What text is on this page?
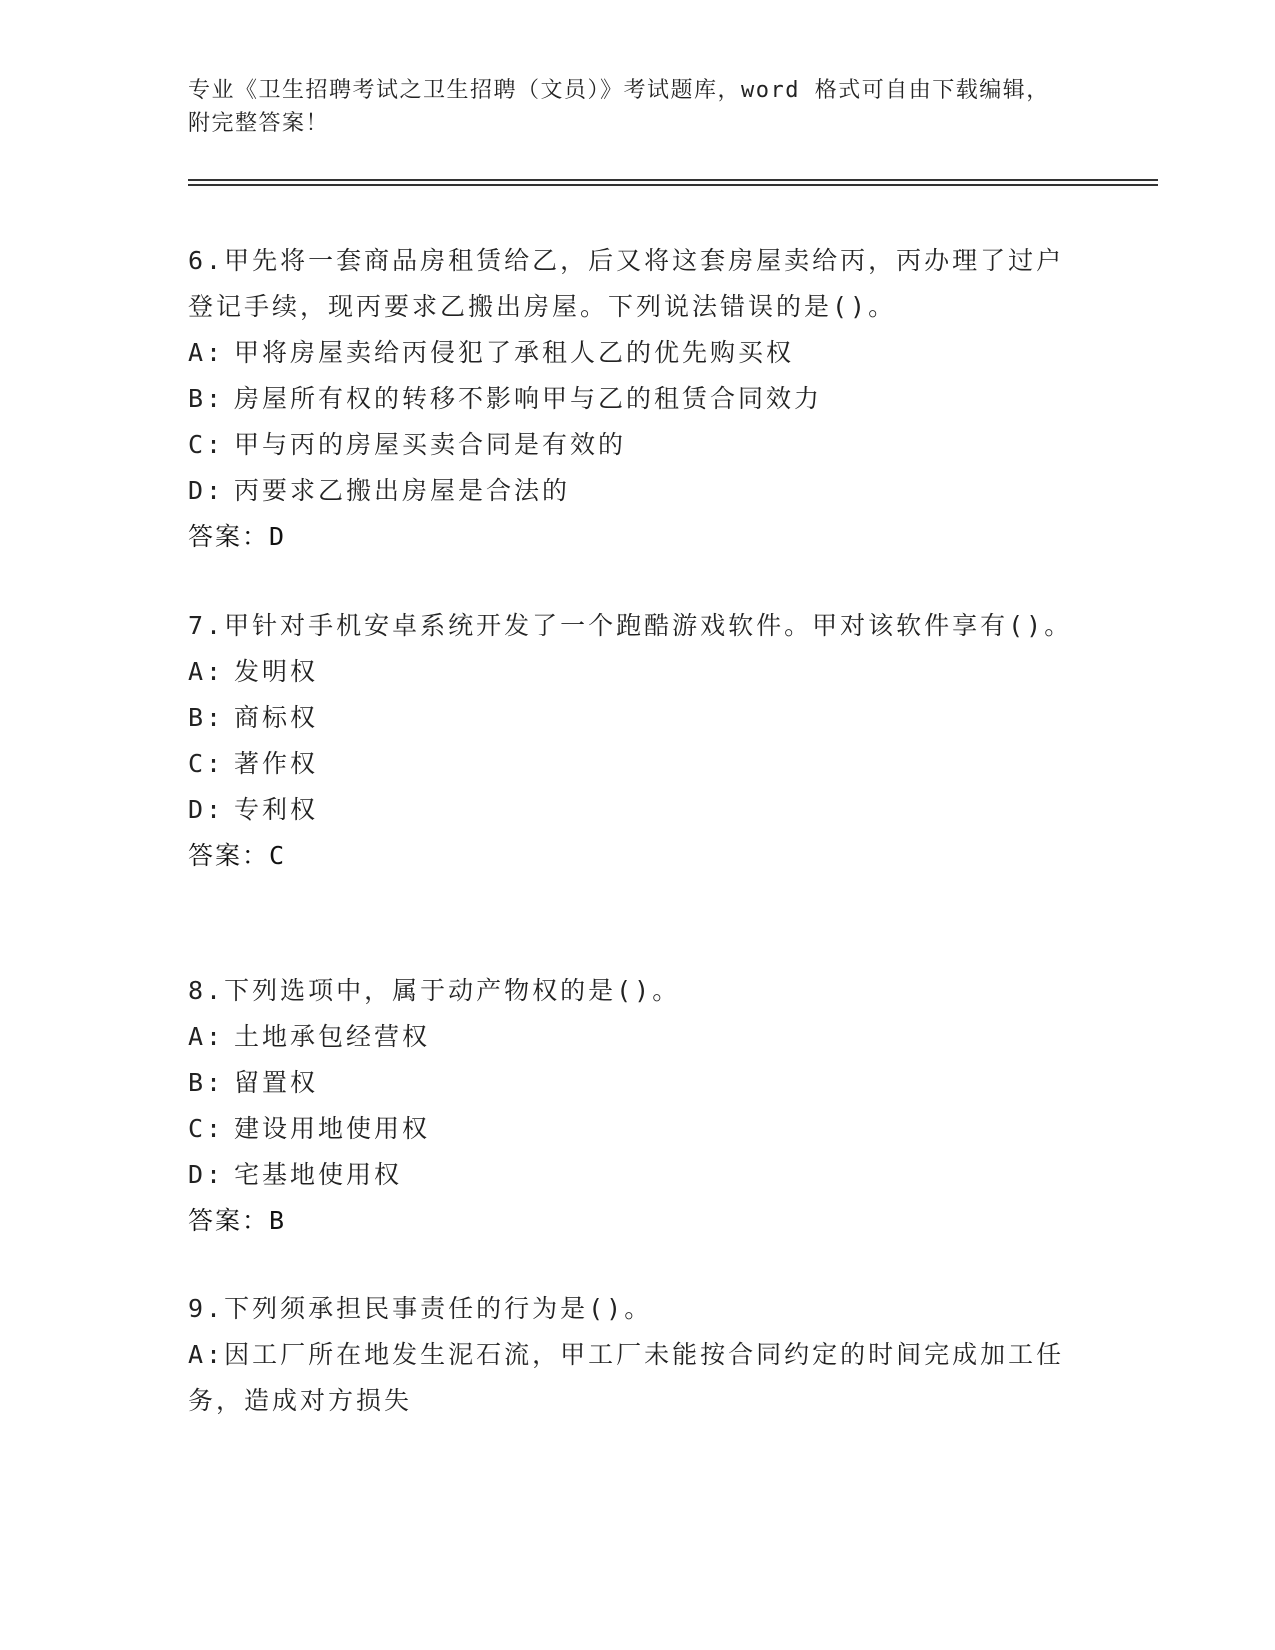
专业《卫生招聘考试之卫生招聘（文员）》考试题库，word 格式可自由下载编辑，附完整答案！

6.甲先将一套商品房租赁给乙，后又将这套房屋卖给丙，丙办理了过户登记手续，现丙要求乙搬出房屋。下列说法错误的是()。

A: 甲将房屋卖给丙侵犯了承租人乙的优先购买权
B: 房屋所有权的转移不影响甲与乙的租赁合同效力
C: 甲与丙的房屋买卖合同是有效的
D: 丙要求乙搬出房屋是合法的

答案：D

7.甲针对手机安卓系统开发了一个跑酷游戏软件。甲对该软件享有()。

A: 发明权
B: 商标权
C: 著作权
D: 专利权

答案：C

8.下列选项中，属于动产物权的是()。

A: 土地承包经营权
B: 留置权
C: 建设用地使用权
D: 宅基地使用权

答案：B

9.下列须承担民事责任的行为是()。

A:因工厂所在地发生泥石流，甲工厂未能按合同约定的时间完成加工任务，造成对方损失
